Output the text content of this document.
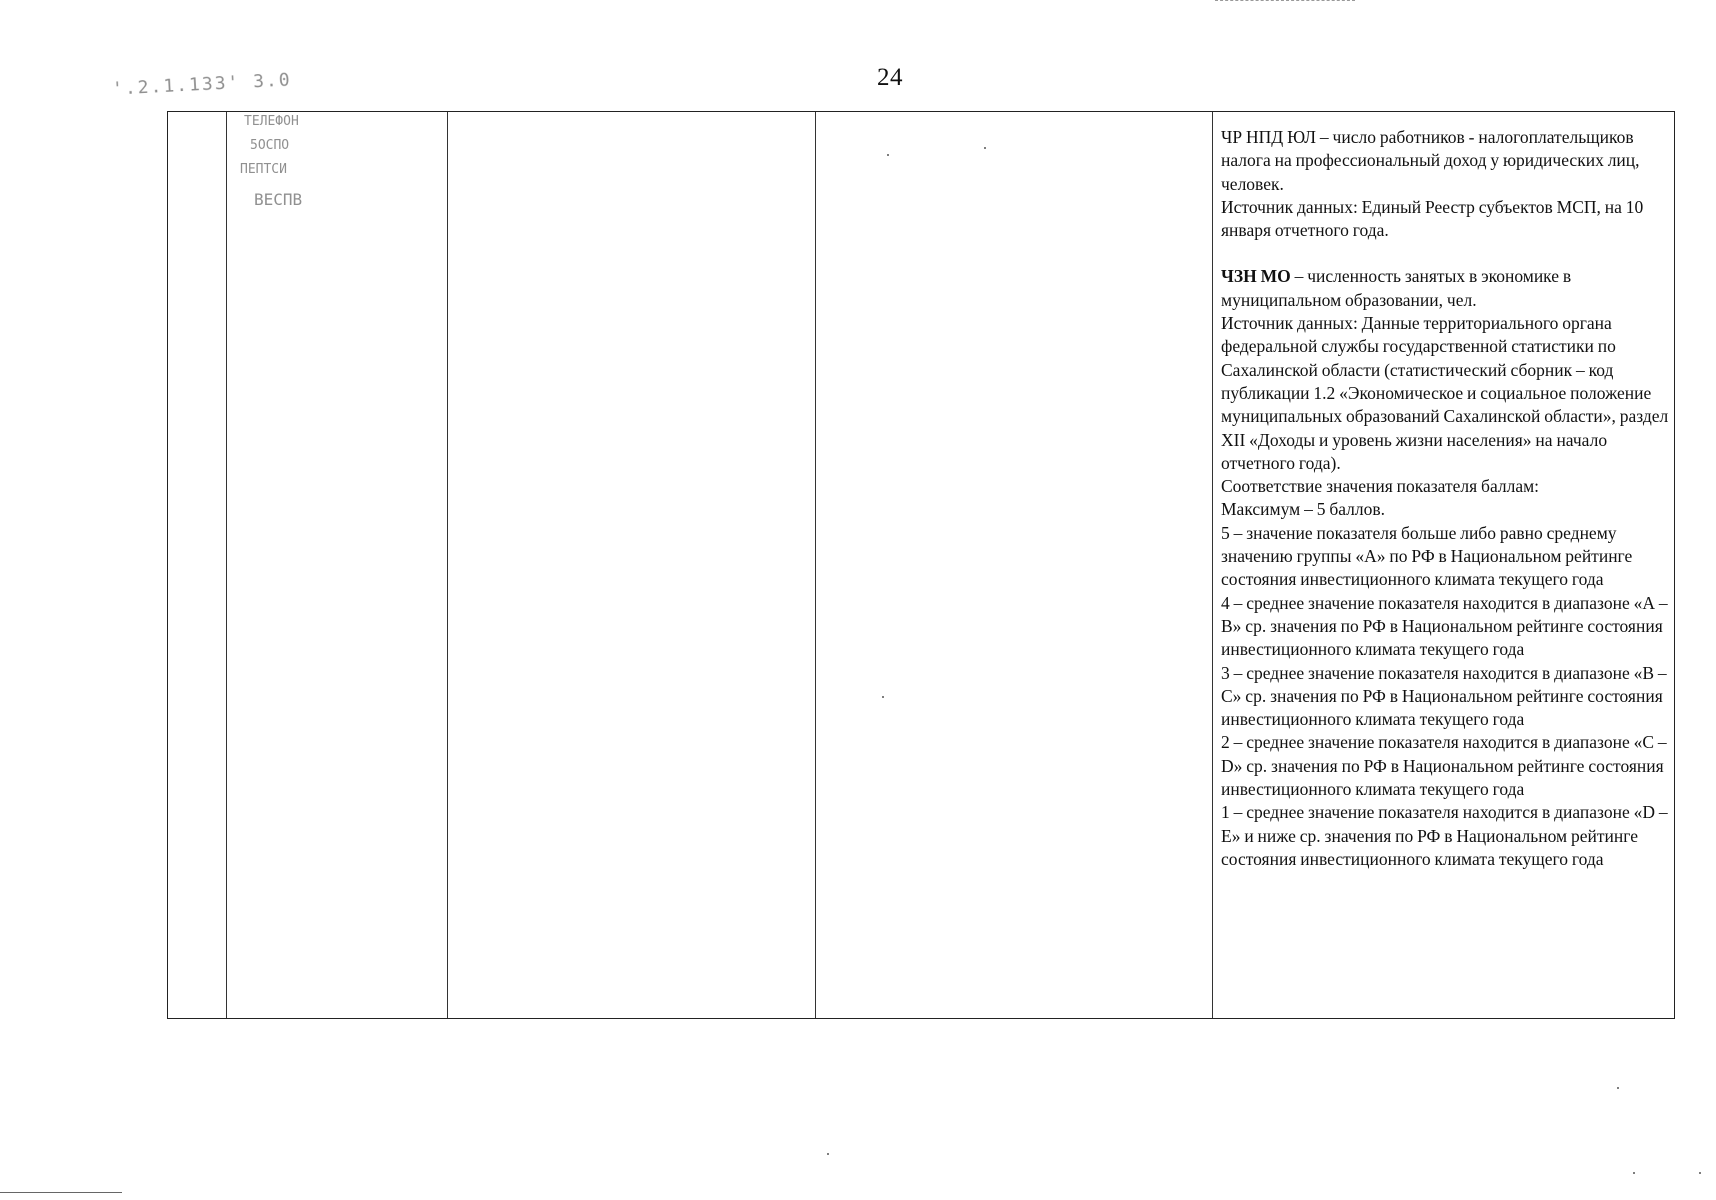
24
'.2.1.133' 3.0
ТЕЛЕФОН
5ОСПО
ПЕПТСИ
ВЕСПВ

ЧР НПД ЮЛ – число работников - налогоплательщиков налога на профессиональный доход у юридических лиц, человек.

Источник данных: Единый Реестр субъектов МСП, на 10 января отчетного года.

ЧЗН МО – численность занятых в экономике в муниципальном образовании, чел.

Источник данных: Данные территориального органа федеральной службы государственной статистики по Сахалинской области (статистический сборник – код публикации 1.2 «Экономическое и социальное положение муниципальных образований Сахалинской области», раздел XII «Доходы и уровень жизни населения» на начало отчетного года).

Соответствие значения показателя баллам:

Максимум – 5 баллов.

5 – значение показателя больше либо равно среднему значению группы «А» по РФ в Национальном рейтинге состояния инвестиционного климата текущего года

4 – среднее значение показателя находится в диапазоне «А – В» ср. значения по РФ в Национальном рейтинге состояния инвестиционного климата текущего года

3 – среднее значение показателя находится в диапазоне «В – С» ср. значения по РФ в Национальном рейтинге состояния инвестиционного климата текущего года

2 – среднее значение показателя находится в диапазоне «С – D» ср. значения по РФ в Национальном рейтинге состояния инвестиционного климата текущего года

1 – среднее значение показателя находится в диапазоне «D – E» и ниже ср. значения по РФ в Национальном рейтинге состояния инвестиционного климата текущего года
